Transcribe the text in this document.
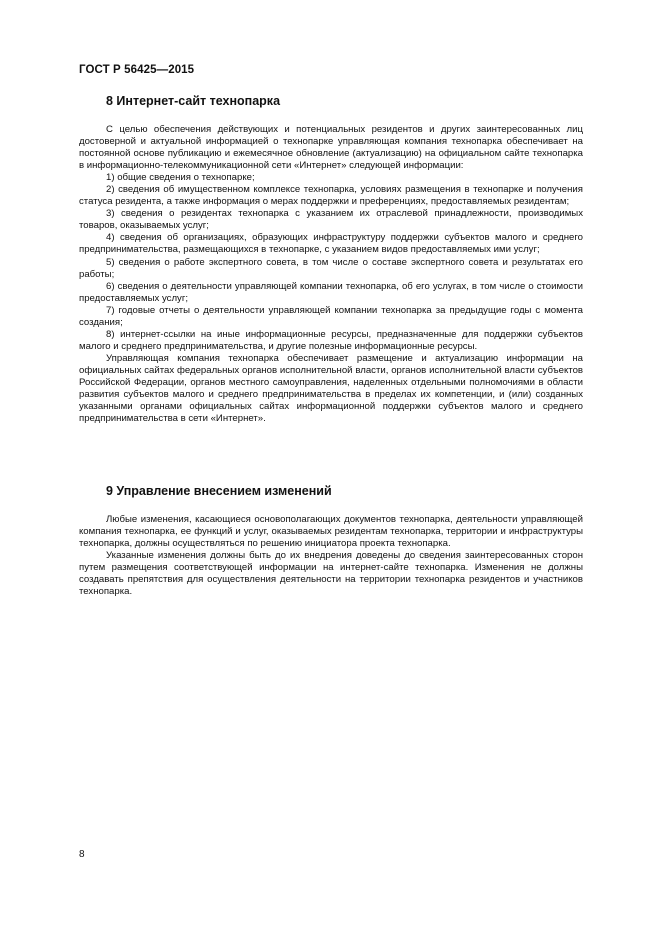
ГОСТ Р 56425—2015
8 Интернет-сайт технопарка

С целью обеспечения действующих и потенциальных резидентов и других заинтересованных лиц достоверной и актуальной информацией о технопарке управляющая компания технопарка обеспечивает на постоянной основе публикацию и ежемесячное обновление (актуализацию) на официальном сайте технопарка в информационно-телекоммуникационной сети «Интернет» следующей информации:

1) общие сведения о технопарке;

2) сведения об имущественном комплексе технопарка, условиях размещения в технопарке и получения статуса резидента, а также информация о мерах поддержки и преференциях, предоставляемых резидентам;

3) сведения о резидентах технопарка с указанием их отраслевой принадлежности, производимых товаров, оказываемых услуг;

4) сведения об организациях, образующих инфраструктуру поддержки субъектов малого и среднего предпринимательства, размещающихся в технопарке, с указанием видов предоставляемых ими услуг;

5) сведения о работе экспертного совета, в том числе о составе экспертного совета и результатах его работы;

6) сведения о деятельности управляющей компании технопарка, об его услугах, в том числе о стоимости предоставляемых услуг;

7) годовые отчеты о деятельности управляющей компании технопарка за предыдущие годы с момента создания;

8) интернет-ссылки на иные информационные ресурсы, предназначенные для поддержки субъектов малого и среднего предпринимательства, и другие полезные информационные ресурсы.

Управляющая компания технопарка обеспечивает размещение и актуализацию информации на официальных сайтах федеральных органов исполнительной власти, органов исполнительной власти субъектов Российской Федерации, органов местного самоуправления, наделенных отдельными полномочиями в области развития субъектов малого и среднего предпринимательства в пределах их компетенции, и (или) созданных указанными органами официальных сайтах информационной поддержки субъектов малого и среднего предпринимательства в сети «Интернет».

9 Управление внесением изменений

Любые изменения, касающиеся основополагающих документов технопарка, деятельности управляющей компания технопарка, ее функций и услуг, оказываемых резидентам технопарка, территории и инфраструктуры технопарка, должны осуществляться по решению инициатора проекта технопарка.

Указанные изменения должны быть до их внедрения доведены до сведения заинтересованных сторон путем размещения соответствующей информации на интернет-сайте технопарка. Изменения не должны создавать препятствия для осуществления деятельности на территории технопарка резидентов и участников технопарка.

8
